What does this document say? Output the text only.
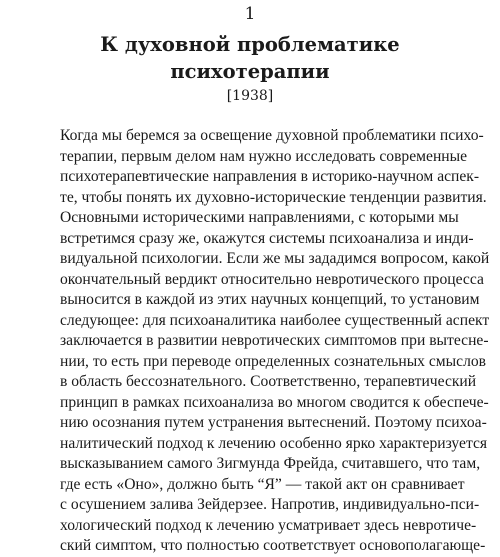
1
К духовной проблематике
психотерапии
[1938]
Когда мы беремся за освещение духовной проблематики психо-
терапии, первым делом нам нужно исследовать современные
психотерапевтические направления в историко-научном аспек-
те, чтобы понять их духовно-исторические тенденции развития.
Основными историческими направлениями, с которыми мы
встретимся сразу же, окажутся системы психоанализа и инди-
видуальной психологии. Если же мы зададимся вопросом, какой
окончательный вердикт относительно невротического процесса
выносится в каждой из этих научных концепций, то установим
следующее: для психоаналитика наиболее существенный аспект
заключается в развитии невротических симптомов при вытесне-
нии, то есть при переводе определенных сознательных смыслов
в область бессознательного. Соответственно, терапевтический
принцип в рамках психоанализа во многом сводится к обеспече-
нию осознания путем устранения вытеснений. Поэтому психоа-
налитический подход к лечению особенно ярко характеризуется
высказыванием самого Зигмунда Фрейда, считавшего, что там,
где есть «Оно», должно быть “Я” — такой акт он сравнивает
с осушением залива Зейдерзее. Напротив, индивидуально-пси-
хологический подход к лечению усматривает здесь невротиче-
ский симптом, что полностью соответствует основополагающе-
